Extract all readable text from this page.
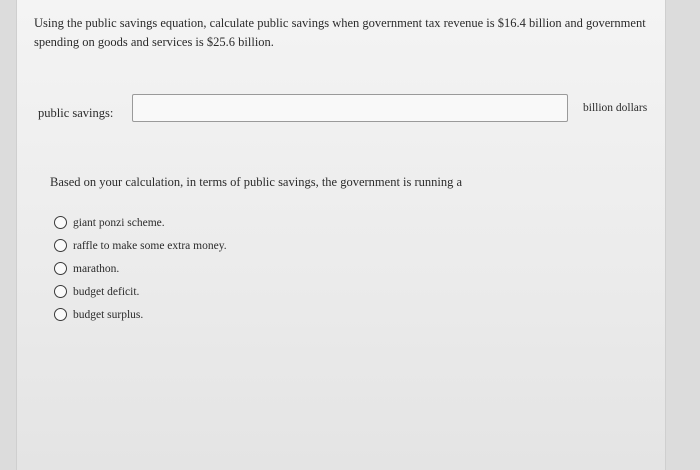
Using the public savings equation, calculate public savings when government tax revenue is $16.4 billion and government spending on goods and services is $25.6 billion.
public savings:	billion dollars
Based on your calculation, in terms of public savings, the government is running a
giant ponzi scheme.
raffle to make some extra money.
marathon.
budget deficit.
budget surplus.
